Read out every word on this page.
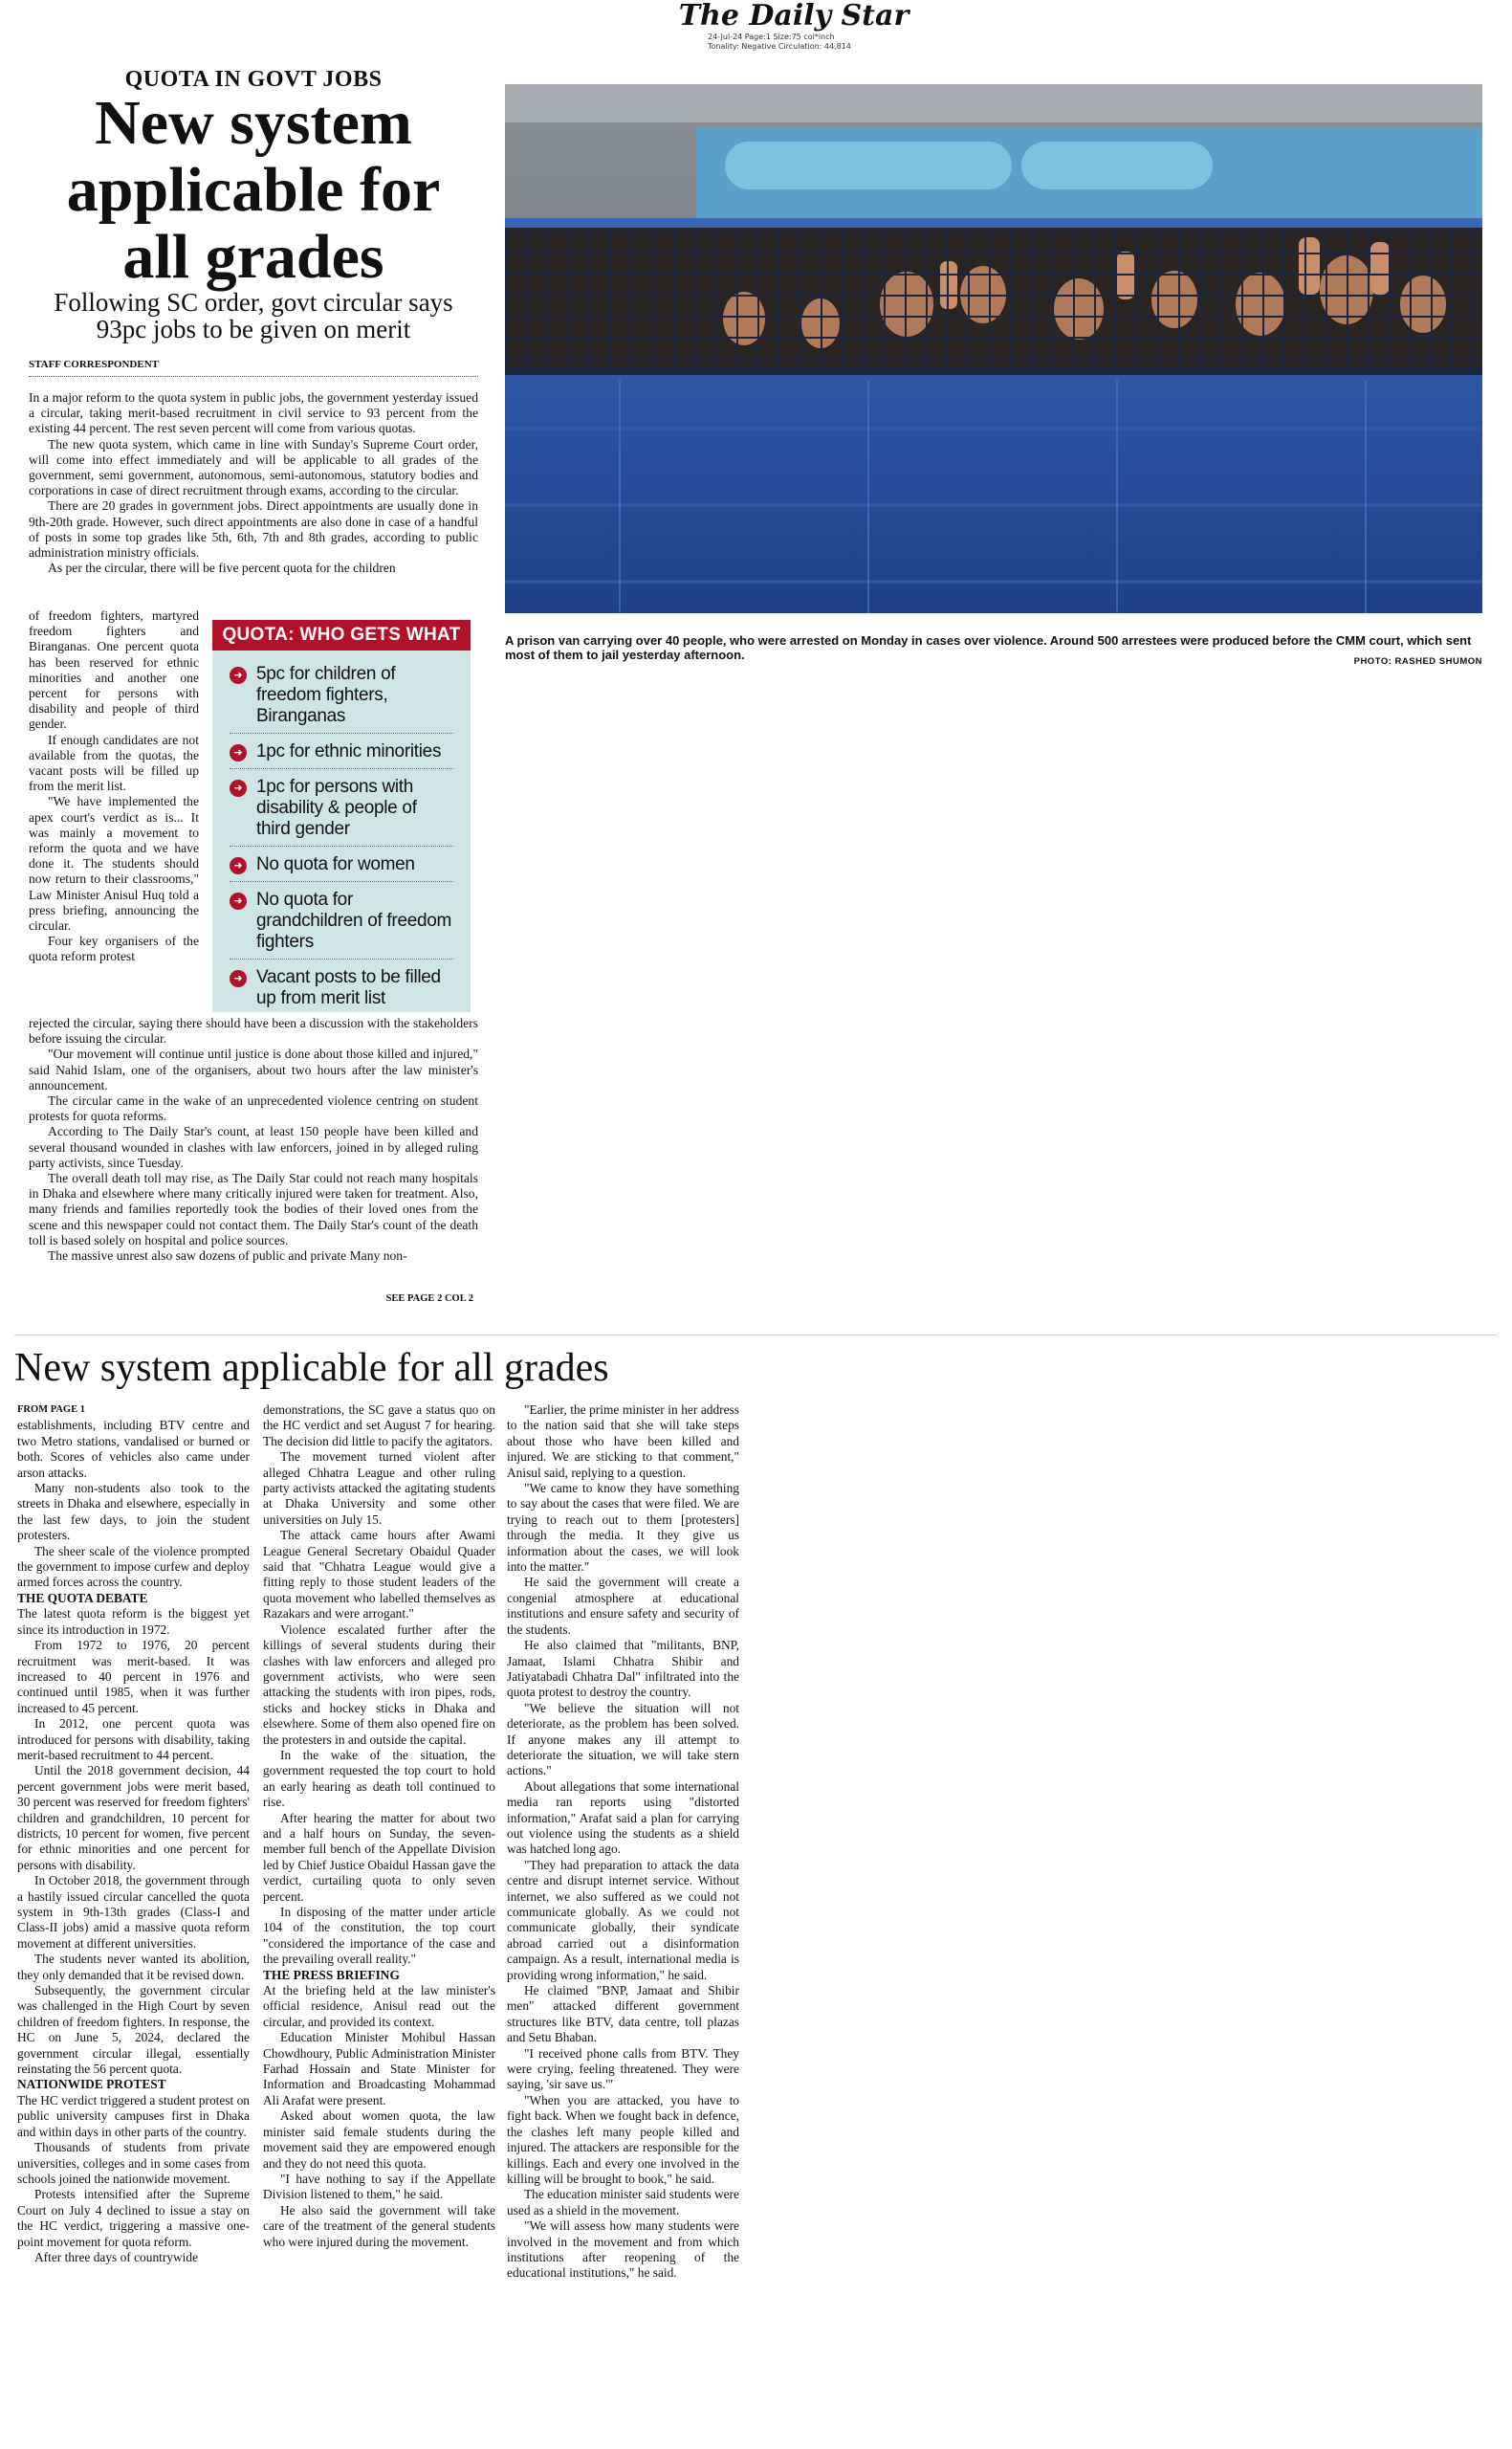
The Daily Star
24-Jul-24 Page:1 Size:75 col*inch
Tonality: Negative Circulation: 44,814
QUOTA IN GOVT JOBS
New system applicable for all grades
Following SC order, govt circular says 93pc jobs to be given on merit
STAFF CORRESPONDENT

In a major reform to the quota system in public jobs, the government yesterday issued a circular, taking merit-based recruitment in civil service to 93 percent from the existing 44 percent. The rest seven percent will come from various quotas.

The new quota system, which came in line with Sunday's Supreme Court order, will come into effect immediately and will be applicable to all grades of the government, semi government, autonomous, semi-autonomous, statutory bodies and corporations in case of direct recruitment through exams, according to the circular.

There are 20 grades in government jobs. Direct appointments are usually done in 9th-20th grade. However, such direct appointments are also done in case of a handful of posts in some top grades like 5th, 6th, 7th and 8th grades, according to public administration ministry officials.

As per the circular, there will be five percent quota for the children

of freedom fighters, martyred freedom fighters and Biranganas. One percent quota has been reserved for ethnic minorities and another one percent for persons with disability and people of third gender.

If enough candidates are not available from the quotas, the vacant posts will be filled up from the merit list.

"We have implemented the apex court's verdict as is... It was mainly a movement to reform the quota and we have done it. The students should now return to their classrooms," Law Minister Anisul Huq told a press briefing, announcing the circular.

Four key organisers of the quota reform protest

rejected the circular, saying there should have been a discussion with the stakeholders before issuing the circular.

"Our movement will continue until justice is done about those killed and injured," said Nahid Islam, one of the organisers, about two hours after the law minister's announcement.

The circular came in the wake of an unprecedented violence centring on student protests for quota reforms.

According to The Daily Star's count, at least 150 people have been killed and several thousand wounded in clashes with law enforcers, joined in by alleged ruling party activists, since Tuesday.

The overall death toll may rise, as The Daily Star could not reach many hospitals in Dhaka and elsewhere where many critically injured were taken for treatment. Also, many friends and families reportedly took the bodies of their loved ones from the scene and this newspaper could not contact them. The Daily Star's count of the death toll is based solely on hospital and police sources.

The massive unrest also saw dozens of public and private Many non-

SEE PAGE 2 COL 2
QUOTA: WHO GETS WHAT
➜ 5pc for children of freedom fighters, Biranganas
➜ 1pc for ethnic minorities
➜ 1pc for persons with disability & people of third gender
➜ No quota for women
➜ No quota for grandchildren of freedom fighters
➜ Vacant posts to be filled up from merit list
A prison van carrying over 40 people, who were arrested on Monday in cases over violence. Around 500 arrestees were produced before the CMM court, which sent most of them to jail yesterday afternoon.	PHOTO: RASHED SHUMON
New system applicable for all grades
FROM PAGE 1

establishments, including BTV centre and two Metro stations, vandalised or burned or both. Scores of vehicles also came under arson attacks.

Many non-students also took to the streets in Dhaka and elsewhere, especially in the last few days, to join the student protesters.

The sheer scale of the violence prompted the government to impose curfew and deploy armed forces across the country.

THE QUOTA DEBATE

The latest quota reform is the biggest yet since its introduction in 1972.

From 1972 to 1976, 20 percent recruitment was merit-based. It was increased to 40 percent in 1976 and continued until 1985, when it was further increased to 45 percent.

In 2012, one percent quota was introduced for persons with disability, taking merit-based recruitment to 44 percent.

Until the 2018 government decision, 44 percent government jobs were merit based, 30 percent was reserved for freedom fighters' children and grandchildren, 10 percent for districts, 10 percent for women, five percent for ethnic minorities and one percent for persons with disability.

In October 2018, the government through a hastily issued circular cancelled the quota system in 9th-13th grades (Class-I and Class-II jobs) amid a massive quota reform movement at different universities.

The students never wanted its abolition, they only demanded that it be revised down.

Subsequently, the government circular was challenged in the High Court by seven children of freedom fighters. In response, the HC on June 5, 2024, declared the government circular illegal, essentially reinstating the 56 percent quota.

NATIONWIDE PROTEST

The HC verdict triggered a student protest on public university campuses first in Dhaka and within days in other parts of the country.

Thousands of students from private universities, colleges and in some cases from schools joined the nationwide movement.

Protests intensified after the Supreme Court on July 4 declined to issue a stay on the HC verdict, triggering a massive one-point movement for quota reform.

After three days of countrywide

demonstrations, the SC gave a status quo on the HC verdict and set August 7 for hearing. The decision did little to pacify the agitators.

The movement turned violent after alleged Chhatra League and other ruling party activists attacked the agitating students at Dhaka University and some other universities on July 15.

The attack came hours after Awami League General Secretary Obaidul Quader said that "Chhatra League would give a fitting reply to those student leaders of the quota movement who labelled themselves as Razakars and were arrogant."

Violence escalated further after the killings of several students during their clashes with law enforcers and alleged pro government activists, who were seen attacking the students with iron pipes, rods, sticks and hockey sticks in Dhaka and elsewhere. Some of them also opened fire on the protesters in and outside the capital.

In the wake of the situation, the government requested the top court to hold an early hearing as death toll continued to rise.

After hearing the matter for about two and a half hours on Sunday, the seven-member full bench of the Appellate Division led by Chief Justice Obaidul Hassan gave the verdict, curtailing quota to only seven percent.

In disposing of the matter under article 104 of the constitution, the top court "considered the importance of the case and the prevailing overall reality."

THE PRESS BRIEFING

At the briefing held at the law minister's official residence, Anisul read out the circular, and provided its context.

Education Minister Mohibul Hassan Chowdhoury, Public Administration Minister Farhad Hossain and State Minister for Information and Broadcasting Mohammad Ali Arafat were present.

Asked about women quota, the law minister said female students during the movement said they are empowered enough and they do not need this quota.

"I have nothing to say if the Appellate Division listened to them," he said.

He also said the government will take care of the treatment of the general students who were injured during the movement.

"Earlier, the prime minister in her address to the nation said that she will take steps about those who have been killed and injured. We are sticking to that comment," Anisul said, replying to a question.

"We came to know they have something to say about the cases that were filed. We are trying to reach out to them [protesters] through the media. It they give us information about the cases, we will look into the matter."

He said the government will create a congenial atmosphere at educational institutions and ensure safety and security of the students.

He also claimed that "militants, BNP, Jamaat, Islami Chhatra Shibir and Jatiyatabadi Chhatra Dal" infiltrated into the quota protest to destroy the country.

"We believe the situation will not deteriorate, as the problem has been solved. If anyone makes any ill attempt to deteriorate the situation, we will take stern actions."

About allegations that some international media ran reports using "distorted information," Arafat said a plan for carrying out violence using the students as a shield was hatched long ago.

"They had preparation to attack the data centre and disrupt internet service. Without internet, we also suffered as we could not communicate globally. As we could not communicate globally, their syndicate abroad carried out a disinformation campaign. As a result, international media is providing wrong information," he said.

He claimed "BNP, Jamaat and Shibir men" attacked different government structures like BTV, data centre, toll plazas and Setu Bhaban.

"I received phone calls from BTV. They were crying, feeling threatened. They were saying, 'sir save us.'"

"When you are attacked, you have to fight back. When we fought back in defence, the clashes left many people killed and injured. The attackers are responsible for the killings. Each and every one involved in the killing will be brought to book," he said.

The education minister said students were used as a shield in the movement.

"We will assess how many students were involved in the movement and from which institutions after reopening of the educational institutions," he said.
